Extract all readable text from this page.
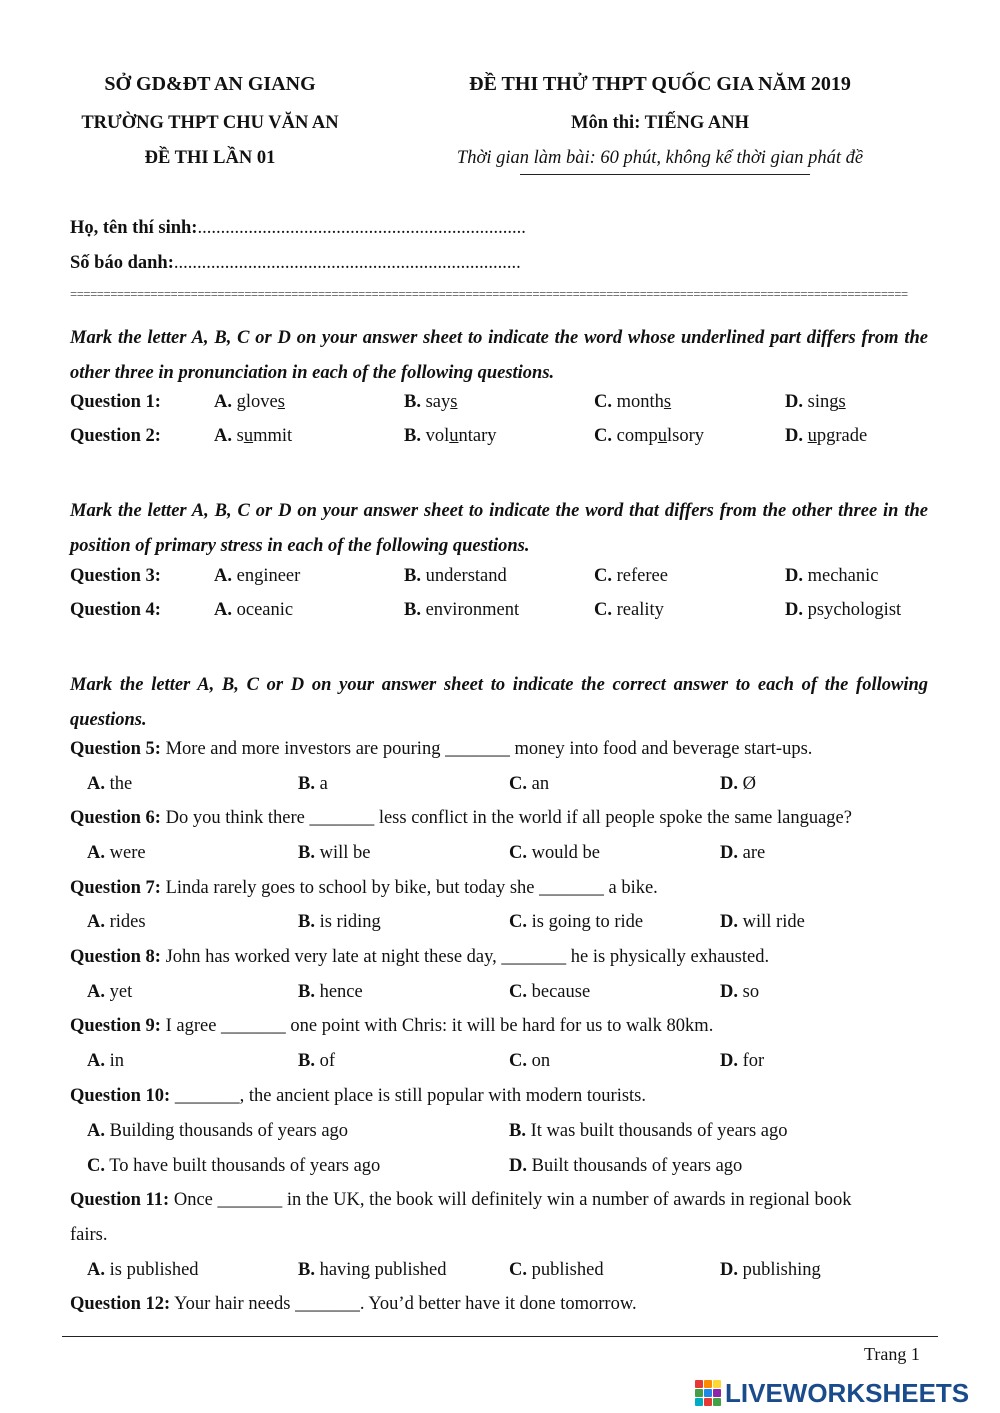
SỞ GD&ĐT AN GIANG
TRƯỜNG THPT CHU VĂN AN
ĐỀ THI LẦN 01
ĐỀ THI THỬ THPT QUỐC GIA NĂM 2019
Môn thi: TIẾNG ANH
Thời gian làm bài: 60 phút, không kể thời gian phát đề
Họ, tên thí sinh:.......................................................................
Số báo danh:...........................................................................
=============================================================================================================================
Mark the letter A, B, C or D on your answer sheet to indicate the word whose underlined part differs from the other three in pronunciation in each of the following questions.
Question 1:	A. gloves	B. says	C. months	D. sings
Question 2:	A. summit	B. voluntary	C. compulsory	D. upgrade
Mark the letter A, B, C or D on your answer sheet to indicate the word that differs from the other three in the position of primary stress in each of the following questions.
Question 3:	A. engineer	B. understand	C. referee	D. mechanic
Question 4:	A. oceanic	B. environment	C. reality	D. psychologist
Mark the letter A, B, C or D on your answer sheet to indicate the correct answer to each of the following questions.
Question 5: More and more investors are pouring _______ money into food and beverage start-ups.
A. the	B. a	C. an	D. Ø
Question 6: Do you think there _______ less conflict in the world if all people spoke the same language?
A. were	B. will be	C. would be	D. are
Question 7: Linda rarely goes to school by bike, but today she _______ a bike.
A. rides	B. is riding	C. is going to ride	D. will ride
Question 8: John has worked very late at night these day, _______ he is physically exhausted.
A. yet	B. hence	C. because	D. so
Question 9: I agree _______ one point with Chris: it will be hard for us to walk 80km.
A. in	B. of	C. on	D. for
Question 10: _______, the ancient place is still popular with modern tourists.
A. Building thousands of years ago	B. It was built thousands of years ago
C. To have built thousands of years ago	D. Built thousands of years ago
Question 11: Once _______ in the UK, the book will definitely win a number of awards in regional book
fairs.
A. is published	B. having published	C. published	D. publishing
Question 12: Your hair needs _______. You’d better have it done tomorrow.
Trang 1
LIVEWORKSHEETS
